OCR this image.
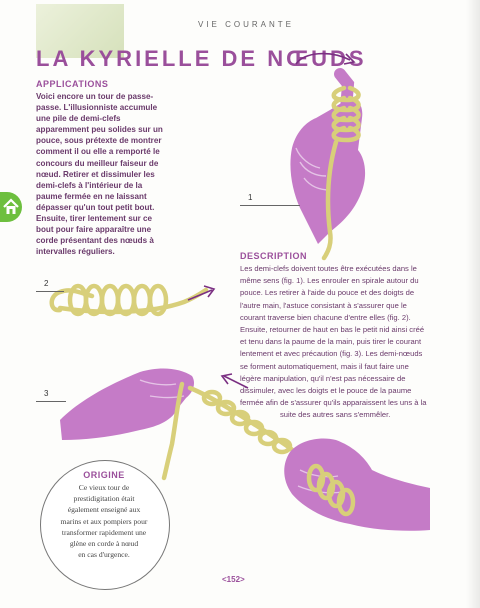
VIE COURANTE
LA KYRIELLE DE NŒUDS
APPLICATIONS
Voici encore un tour de passe-
passe. L'illusionniste accumule
une pile de demi-clefs
apparemment peu solides sur un
pouce, sous prétexte de montrer
comment il ou elle a remporté le
concours du meilleur faiseur de
nœud. Retirer et dissimuler les
demi-clefs à l'intérieur de la
paume fermée en ne laissant
dépasser qu'un tout petit bout.
Ensuite, tirer lentement sur ce
bout pour faire apparaître une
corde présentant des nœuds à
intervalles réguliers.
1
2
3
DESCRIPTION
Les demi-clefs doivent toutes être exécutées dans le
même sens (fig. 1). Les enrouler en spirale autour du
pouce. Les retirer à l'aide du pouce et des doigts de
l'autre main, l'astuce consistant à s'assurer que le
courant traverse bien chacune d'entre elles (fig. 2).
Ensuite, retourner de haut en bas le petit nid ainsi créé
et tenu dans la paume de la main, puis tirer le courant
lentement et avec précaution (fig. 3). Les demi-nœuds
se forment automatiquement, mais il faut faire une
légère manipulation, qu'il n'est pas nécessaire de
dissimuler, avec les doigts et le pouce de la paume
fermée afin de s'assurer qu'ils apparaissent les uns à la
suite des autres sans s'emmêler.
ORIGINE
Ce vieux tour de
prestidigitation était
également enseigné aux
marins et aux pompiers pour
transformer rapidement une
glène en corde à nœud
en cas d'urgence.
<152>
